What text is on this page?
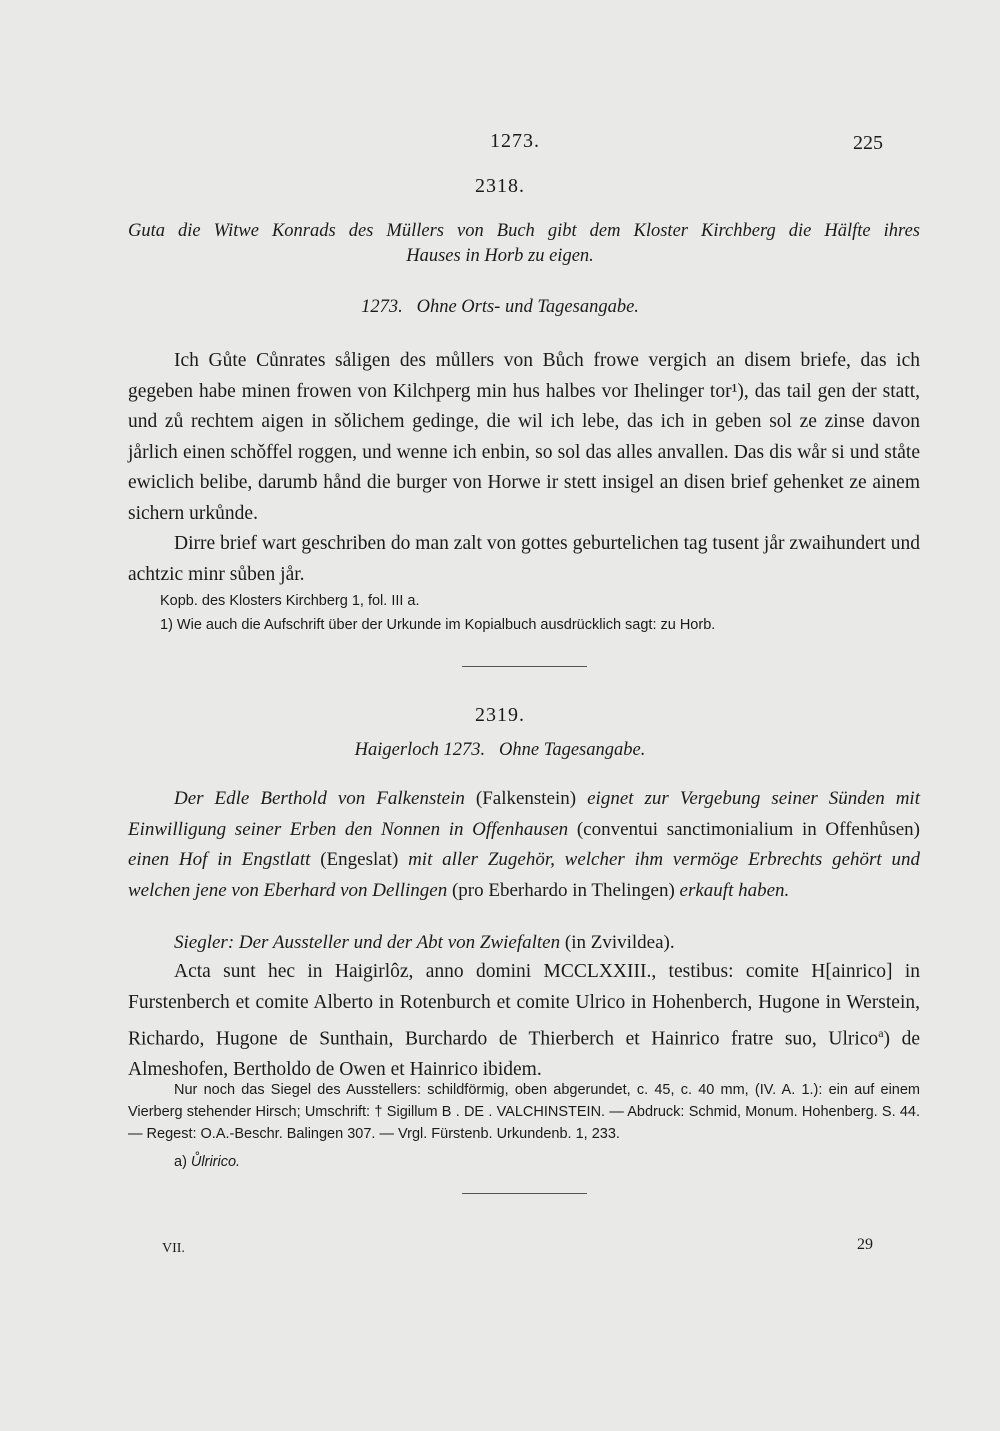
1273.	225
2318.
Guta die Witwe Konrads des Müllers von Buch gibt dem Kloster Kirchberg die Hälfte ihres
Hauses in Horb zu eigen.
1273.   Ohne Orts- und Tagesangabe.

Ich Gůte Cůnrates såligen des můllers von Bůch frowe vergich an disem briefe, das ich gegeben habe minen frowen von Kilchperg min hus halbes vor Ihelinger tor¹), das tail gen der statt, und zů rechtem aigen in sǒlichem gedinge, die wil ich lebe, das ich in geben sol ze zinse davon jårlich einen schǒffel roggen, und wenne ich enbin, so sol das alles anvallen. Das dis wår si und ståte ewiclich belibe, darumb hånd die burger von Horwe ir stett insigel an disen brief gehenket ze ainem sichern urkůnde.

Dirre brief wart geschriben do man zalt von gottes geburtelichen tag tusent jår zwaihundert und achtzic minr sůben jår.

Kopb. des Klosters Kirchberg 1, fol. III a.
1) Wie auch die Aufschrift über der Urkunde im Kopialbuch ausdrücklich sagt: zu Horb.
2319.
Haigerloch 1273.   Ohne Tagesangabe.

Der Edle Berthold von Falkenstein (Falkenstein) eignet zur Vergebung seiner Sünden mit Einwilligung seiner Erben den Nonnen in Offenhausen (conventui sanctimonialium in Offenhůsen) einen Hof in Engstlatt (Engeslat) mit aller Zugehör, welcher ihm vermöge Erbrechts gehört und welchen jene von Eberhard von Dellingen (pro Eberhardo in Thelingen) erkauft haben.

Siegler: Der Aussteller und der Abt von Zwiefalten (in Zvivildea).

Acta sunt hec in Haigirlôz, anno domini MCCLXXIII., testibus: comite H[ainrico] in Furstenberch et comite Alberto in Rotenburch et comite Ulrico in Hohenberch, Hugone in Werstein, Richardo, Hugone de Sunthain, Burchardo de Thierberch et Hainrico fratre suo, Ulrico$^a$) de Almeshofen, Bertholdo de Owen et Hainrico ibidem.

Nur noch das Siegel des Ausstellers: schildförmig, oben abgerundet, c. 45, c. 40 mm, (IV. A. 1.): ein auf einem Vierberg stehender Hirsch; Umschrift: † Sigillum B . DE . VALCHINSTEIN. — Abdruck: Schmid, Monum. Hohenberg. S. 44. — Regest: O.A.-Beschr. Balingen 307. — Vrgl. Fürstenb. Urkundenb. 1, 233.
a) Ůlririco.
VII.	29
